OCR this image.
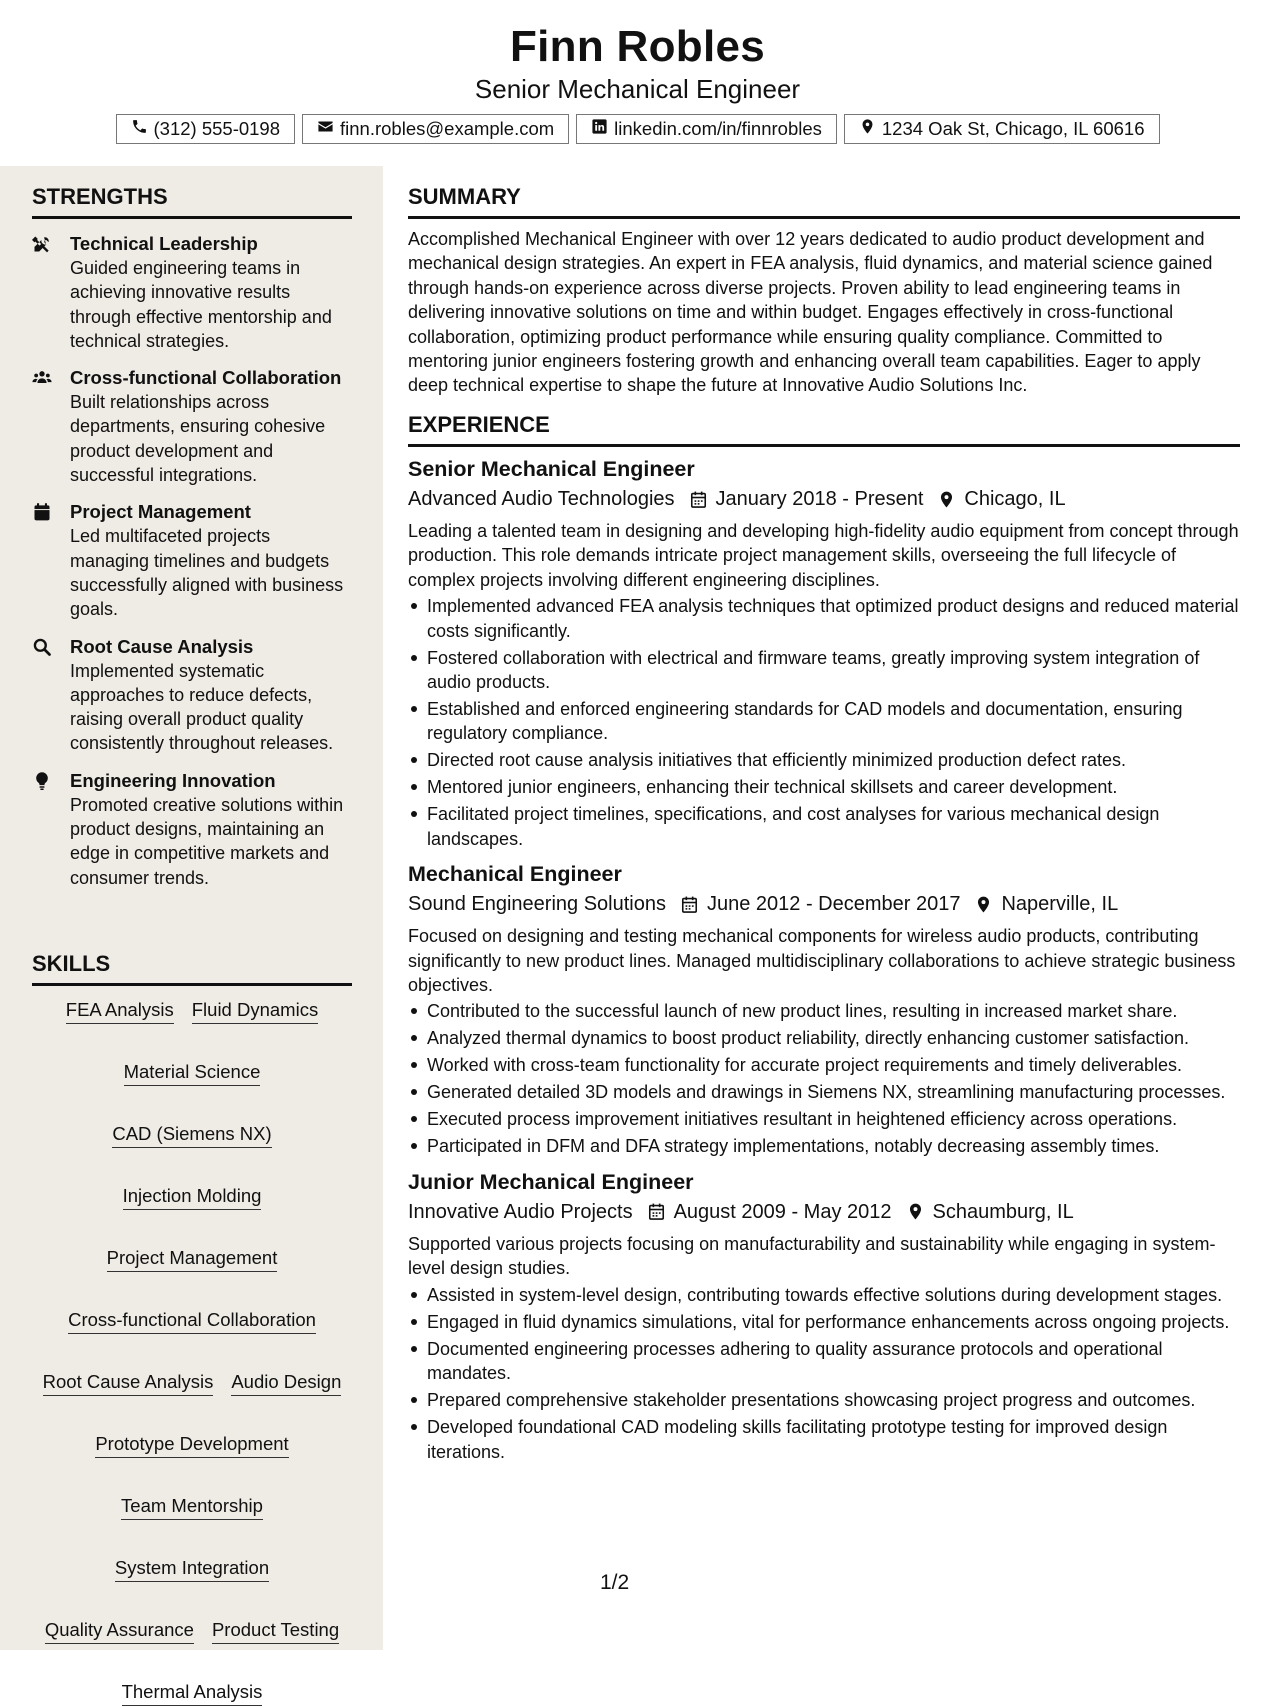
Finn Robles
Senior Mechanical Engineer
(312) 555-0198	finn.robles@example.com	linkedin.com/in/finnrobles	1234 Oak St, Chicago, IL 60616
STRENGTHS
Technical Leadership
Guided engineering teams in achieving innovative results through effective mentorship and technical strategies.
Cross-functional Collaboration
Built relationships across departments, ensuring cohesive product development and successful integrations.
Project Management
Led multifaceted projects managing timelines and budgets successfully aligned with business goals.
Root Cause Analysis
Implemented systematic approaches to reduce defects, raising overall product quality consistently throughout releases.
Engineering Innovation
Promoted creative solutions within product designs, maintaining an edge in competitive markets and consumer trends.
SKILLS
FEA Analysis Fluid Dynamics
Material Science
CAD (Siemens NX)
Injection Molding
Project Management
Cross-functional Collaboration
Root Cause Analysis Audio Design
Prototype Development
Team Mentorship
System Integration
Quality Assurance Product Testing
Thermal Analysis
SUMMARY
Accomplished Mechanical Engineer with over 12 years dedicated to audio product development and mechanical design strategies. An expert in FEA analysis, fluid dynamics, and material science gained through hands-on experience across diverse projects. Proven ability to lead engineering teams in delivering innovative solutions on time and within budget. Engages effectively in cross-functional collaboration, optimizing product performance while ensuring quality compliance. Committed to mentoring junior engineers fostering growth and enhancing overall team capabilities. Eager to apply deep technical expertise to shape the future at Innovative Audio Solutions Inc.
EXPERIENCE
Senior Mechanical Engineer
Advanced Audio Technologies January 2018 - Present Chicago, IL
Leading a talented team in designing and developing high-fidelity audio equipment from concept through production. This role demands intricate project management skills, overseeing the full lifecycle of complex projects involving different engineering disciplines.
Implemented advanced FEA analysis techniques that optimized product designs and reduced material costs significantly.
Fostered collaboration with electrical and firmware teams, greatly improving system integration of audio products.
Established and enforced engineering standards for CAD models and documentation, ensuring regulatory compliance.
Directed root cause analysis initiatives that efficiently minimized production defect rates.
Mentored junior engineers, enhancing their technical skillsets and career development.
Facilitated project timelines, specifications, and cost analyses for various mechanical design landscapes.
Mechanical Engineer
Sound Engineering Solutions June 2012 - December 2017 Naperville, IL
Focused on designing and testing mechanical components for wireless audio products, contributing significantly to new product lines. Managed multidisciplinary collaborations to achieve strategic business objectives.
Contributed to the successful launch of new product lines, resulting in increased market share.
Analyzed thermal dynamics to boost product reliability, directly enhancing customer satisfaction.
Worked with cross-team functionality for accurate project requirements and timely deliverables.
Generated detailed 3D models and drawings in Siemens NX, streamlining manufacturing processes.
Executed process improvement initiatives resultant in heightened efficiency across operations.
Participated in DFM and DFA strategy implementations, notably decreasing assembly times.
Junior Mechanical Engineer
Innovative Audio Projects August 2009 - May 2012 Schaumburg, IL
Supported various projects focusing on manufacturability and sustainability while engaging in system-level design studies.
Assisted in system-level design, contributing towards effective solutions during development stages.
Engaged in fluid dynamics simulations, vital for performance enhancements across ongoing projects.
Documented engineering processes adhering to quality assurance protocols and operational mandates.
Prepared comprehensive stakeholder presentations showcasing project progress and outcomes.
Developed foundational CAD modeling skills facilitating prototype testing for improved design iterations.
1/2
